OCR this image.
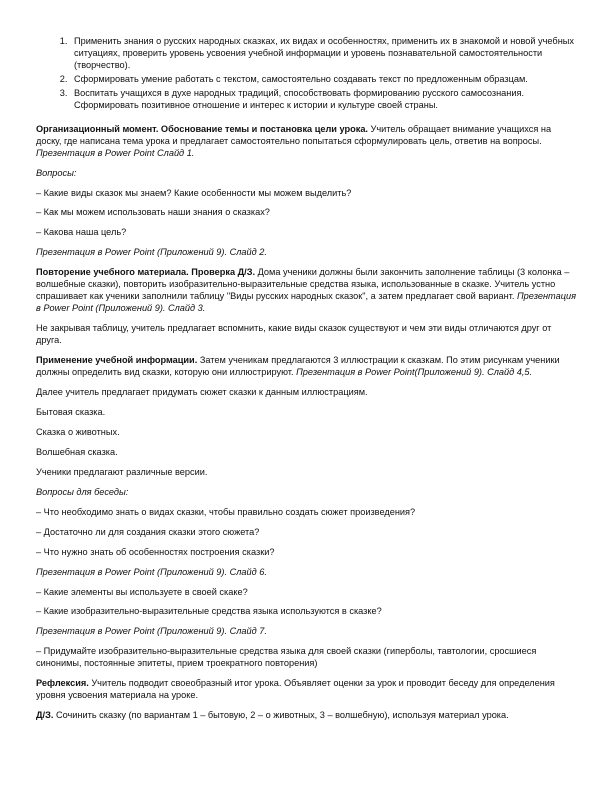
1. Применить знания о русских народных сказках, их видах и особенностях, применить их в знакомой и новой учебных ситуациях, проверить уровень усвоения учебной информации и уровень познавательной самостоятельности (творчество).
2. Сформировать умение работать с текстом, самостоятельно создавать текст по предложенным образцам.
3. Воспитать учащихся в духе народных традиций, способствовать формированию русского самосознания. Сформировать позитивное отношение и интерес к истории и культуре своей страны.

Организационный момент. Обоснование темы и постановка цели урока. Учитель обращает внимание учащихся на доску, где написана тема урока и предлагает самостоятельно попытаться сформулировать цель, ответив на вопросы. Презентация в Power Point Слайд 1.

Вопросы:

– Какие виды сказок мы знаем? Какие особенности мы можем выделить?

– Как мы можем использовать наши знания о сказках?

– Какова наша цель?

Презентация в Power Point (Приложений 9). Слайд 2.

Повторение учебного материала. Проверка Д/З. Дома ученики должны были закончить заполнение таблицы (3 колонка – волшебные сказки), повторить изобразительно-выразительные средства языка, использованные в сказке. Учитель устно спрашивает как ученики заполнили таблицу "Виды русских народных сказок", а затем предлагает свой вариант. Презентация в Power Point (Приложений 9). Слайд 3.

Не закрывая таблицу, учитель предлагает вспомнить, какие виды сказок существуют и чем эти виды отличаются друг от друга.

Применение учебной информации. Затем ученикам предлагаются 3 иллюстрации к сказкам. По этим рисункам ученики должны определить вид сказки, которую они иллюстрируют. Презентация в Power Point(Приложений 9). Слайд 4,5.

Далее учитель предлагает придумать сюжет сказки к данным иллюстрациям.

Бытовая сказка.

Сказка о животных.

Волшебная сказка.

Ученики предлагают различные версии.

Вопросы для беседы:

– Что необходимо знать о видах сказки, чтобы правильно создать сюжет произведения?

– Достаточно ли для создания сказки этого сюжета?

– Что нужно знать об особенностях построения сказки?

Презентация в Power Point (Приложений 9). Слайд 6.

– Какие элементы вы используете в своей скаке?

– Какие изобразительно-выразительные средства языка используются в сказке?

Презентация в Power Point (Приложений 9). Слайд 7.

– Придумайте изобразительно-выразительные средства языка для своей сказки (гиперболы, тавтологии, сросшиеся синонимы, постоянные эпитеты, прием троекратного повторения)

Рефлексия. Учитель подводит своеобразный итог урока. Объявляет оценки за урок и проводит беседу для определения уровня усвоения материала на уроке.

Д/З. Сочинить сказку (по вариантам 1 – бытовую, 2 – о животных, 3 – волшебную), используя материал урока.
